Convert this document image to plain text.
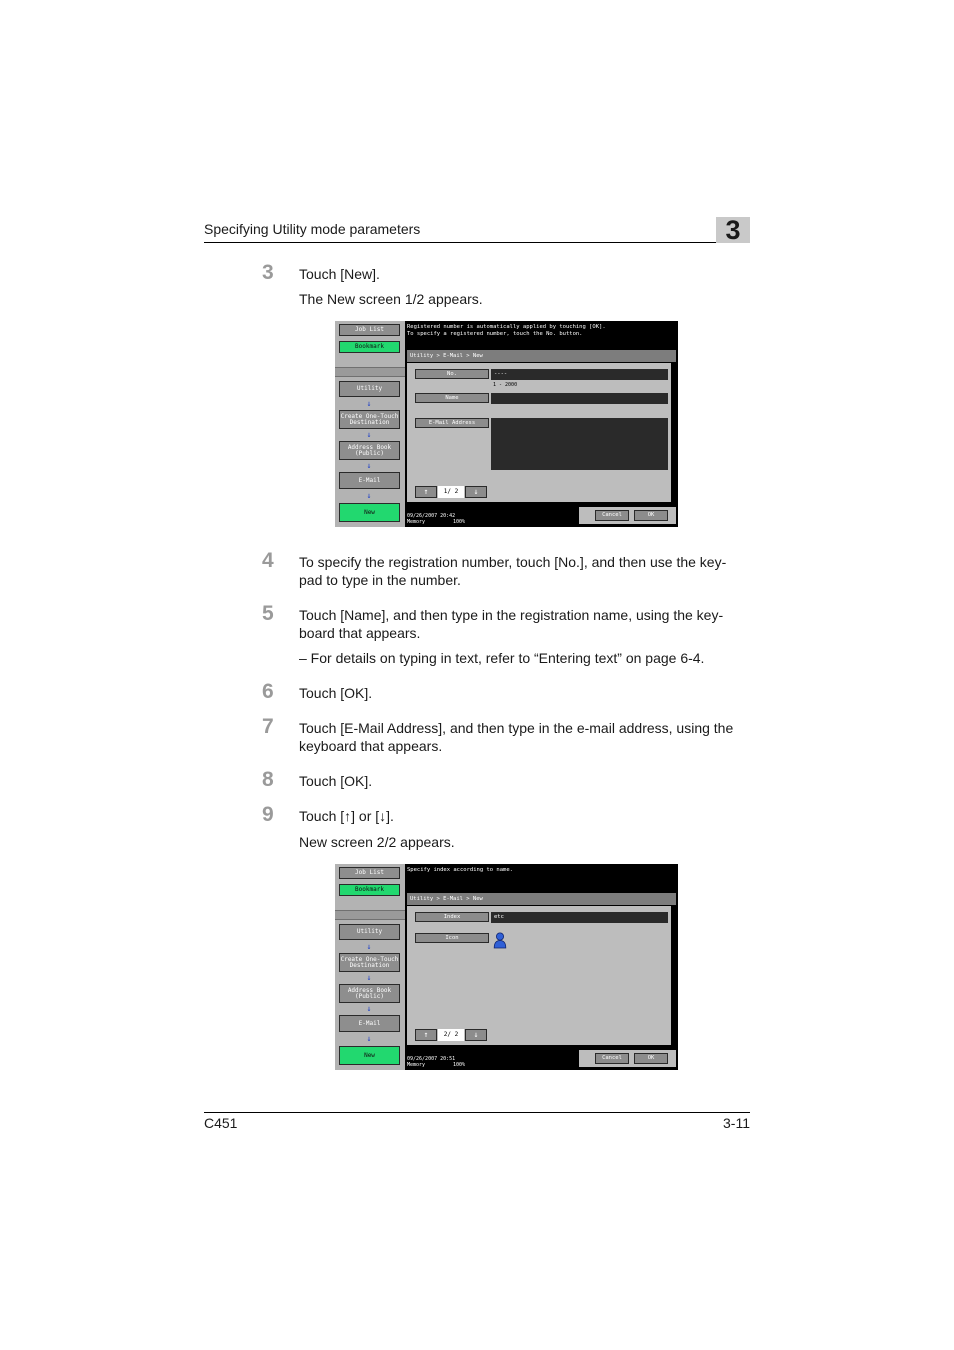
Specifying Utility mode parameters	3
3 Touch [New].
The New screen 1/2 appears.
Job List
Bookmark
Utility
↓
Create One-Touch
Destination
↓
Address Book
(Public)
↓
E-Mail
↓
New
Registered number is automatically applied by touching [OK].
To specify a registered number, touch the No. button.
Utility > E-Mail > New
No.	----
1 - 2000
Name
E-Mail Address
↑	1/ 2	↓
09/26/2007 20:42
Memory	100%
Cancel	OK
4 To specify the registration number, touch [No.], and then use the key-pad to type in the number.
5 Touch [Name], and then type in the registration name, using the key-board that appears.
– For details on typing in text, refer to “Entering text” on page 6-4.
6 Touch [OK].
7 Touch [E-Mail Address], and then type in the e-mail address, using the keyboard that appears.
8 Touch [OK].
9 Touch [↑] or [↓].
New screen 2/2 appears.
Job List
Bookmark
Utility
↓
Create One-Touch
Destination
↓
Address Book
(Public)
↓
E-Mail
↓
New
Specify index according to name.
Utility > E-Mail > New
Index	etc
Icon
↑	2/ 2	↓
09/26/2007 20:51
Memory	100%
Cancel	OK
C451	3-11
